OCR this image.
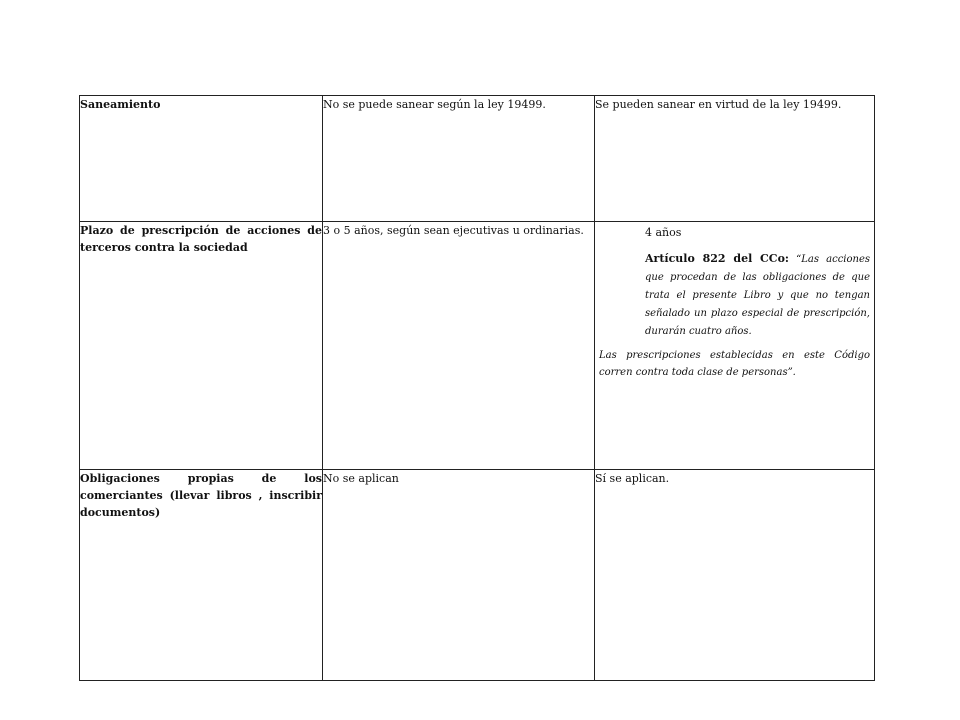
Saneamiento	No se puede sanear según la ley 19499.	Se pueden sanear en virtud de la ley 19499.
Plazo de prescripción de acciones de terceros contra la sociedad	3 o 5 años, según sean ejecutivas u ordinarias.	4 años
Artículo 822 del CCo: “Las acciones que procedan de las obligaciones de que trata el presente Libro y que no tengan señalado un plazo especial de prescripción, durarán cuatro años.
Las prescripciones establecidas en este Código corren contra toda clase de personas”.

Obligaciones propias de los comerciantes (llevar libros , inscribir documentos)	No se aplican	Sí se aplican.
